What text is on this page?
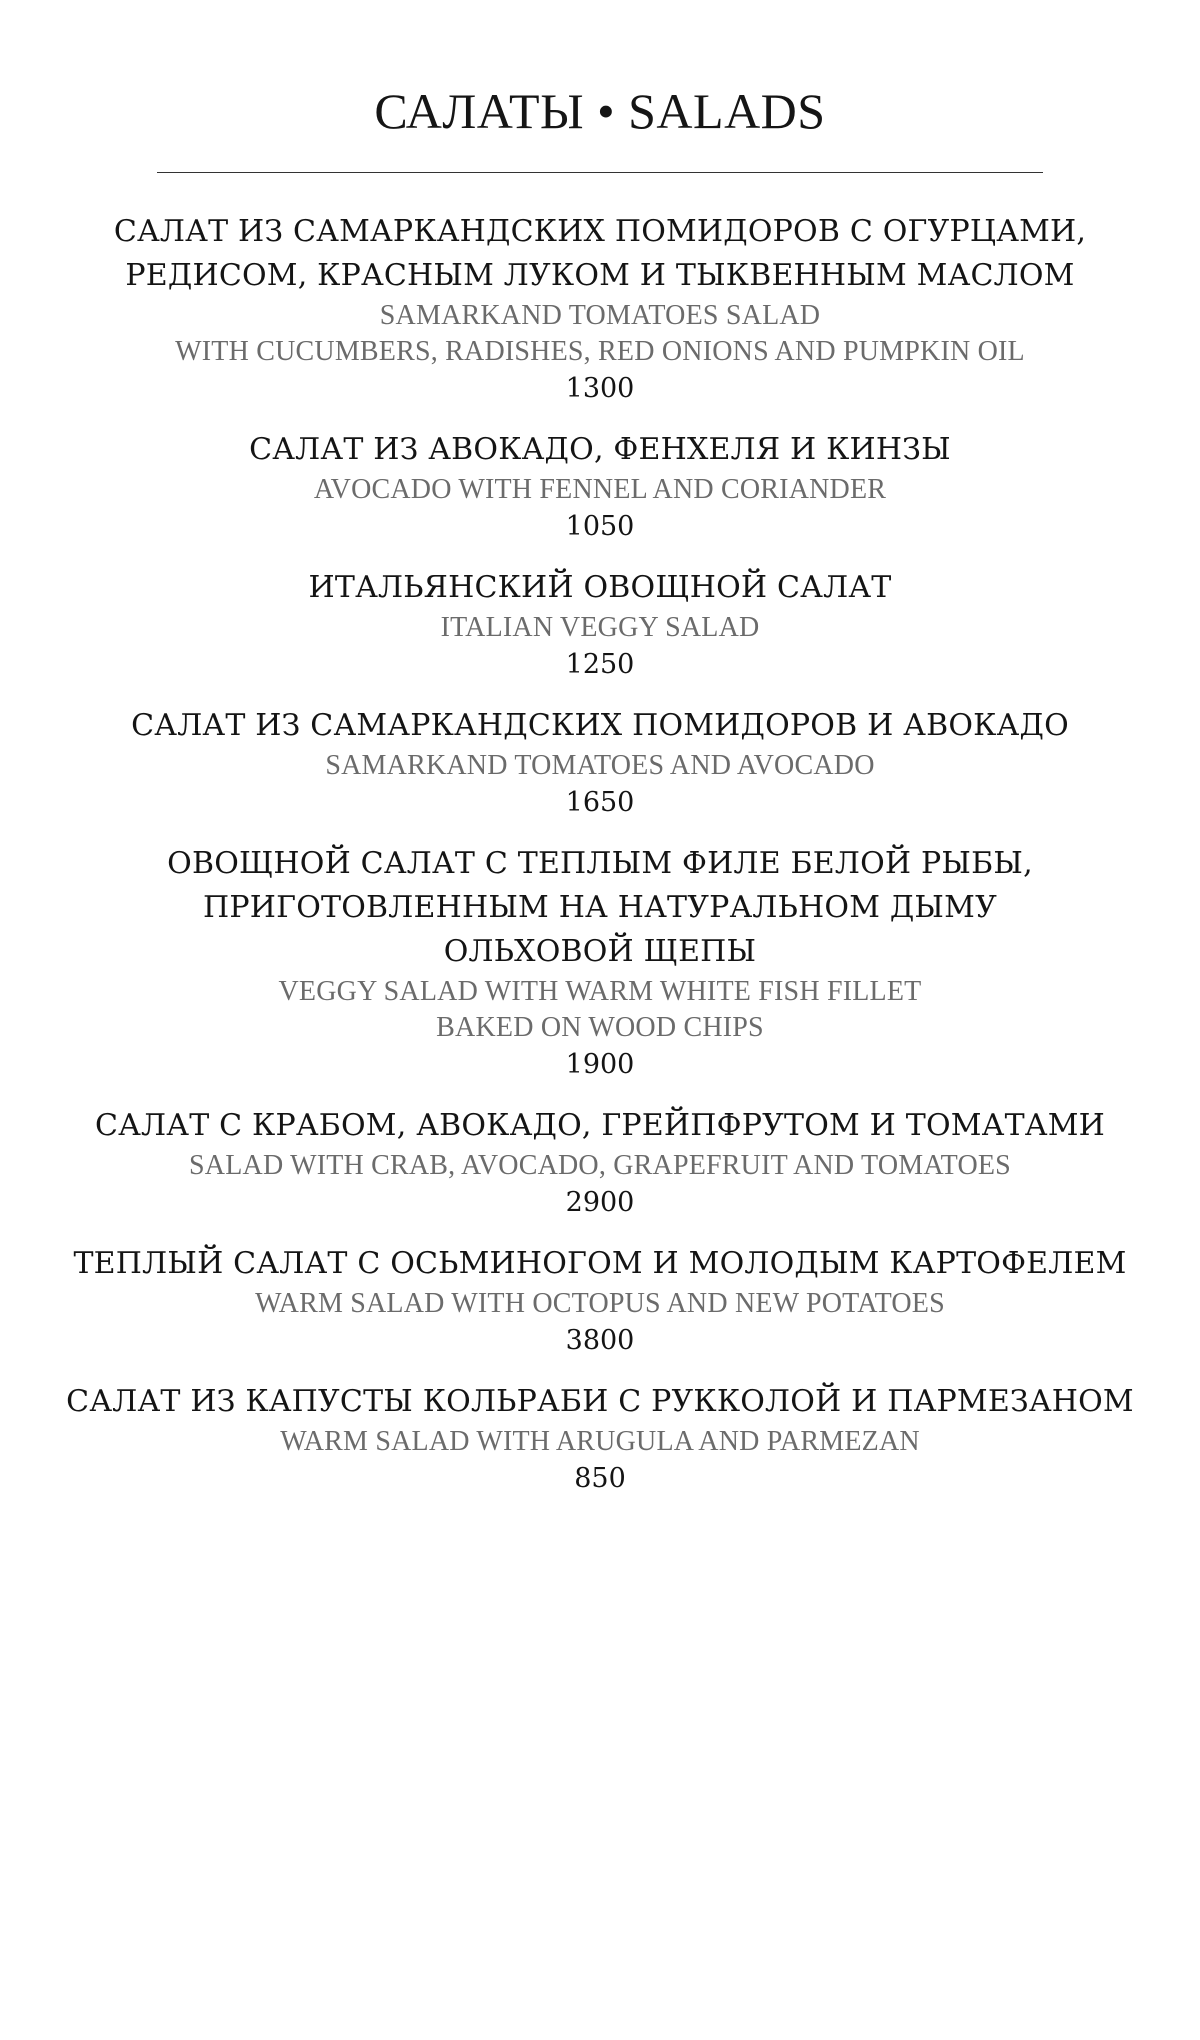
САЛАТЫ • SALADS
САЛАТ ИЗ САМАРКАНДСКИХ ПОМИДОРОВ С ОГУРЦАМИ,
РЕДИСОМ, КРАСНЫМ ЛУКОМ И ТЫКВЕННЫМ МАСЛОМ
SAMARKAND TOMATOES SALAD
WITH CUCUMBERS, RADISHES, RED ONIONS AND PUMPKIN OIL
1300
САЛАТ ИЗ АВОКАДО, ФЕНХЕЛЯ И КИНЗЫ
AVOCADO WITH FENNEL AND CORIANDER
1050
ИТАЛЬЯНСКИЙ ОВОЩНОЙ САЛАТ
ITALIAN VEGGY SALAD
1250
САЛАТ ИЗ САМАРКАНДСКИХ ПОМИДОРОВ И АВОКАДО
SAMARKAND TOMATOES AND AVOCADO
1650
ОВОЩНОЙ САЛАТ С ТЕПЛЫМ ФИЛЕ БЕЛОЙ РЫБЫ,
ПРИГОТОВЛЕННЫМ НА НАТУРАЛЬНОМ ДЫМУ
ОЛЬХОВОЙ ЩЕПЫ
VEGGY SALAD WITH WARM WHITE FISH FILLET
BAKED ON WOOD CHIPS
1900
САЛАТ С КРАБОМ, АВОКАДО, ГРЕЙПФРУТОМ И ТОМАТАМИ
SALAD WITH CRAB, AVOCADO, GRAPEFRUIT AND TOMATOES
2900
ТЕПЛЫЙ САЛАТ С ОСЬМИНОГОМ И МОЛОДЫМ КАРТОФЕЛЕМ
WARM SALAD WITH OCTOPUS AND NEW POTATOES
3800
САЛАТ ИЗ КАПУСТЫ КОЛЬРАБИ С РУККОЛОЙ И ПАРМЕЗАНОМ
WARM SALAD WITH ARUGULA AND PARMEZAN
850
